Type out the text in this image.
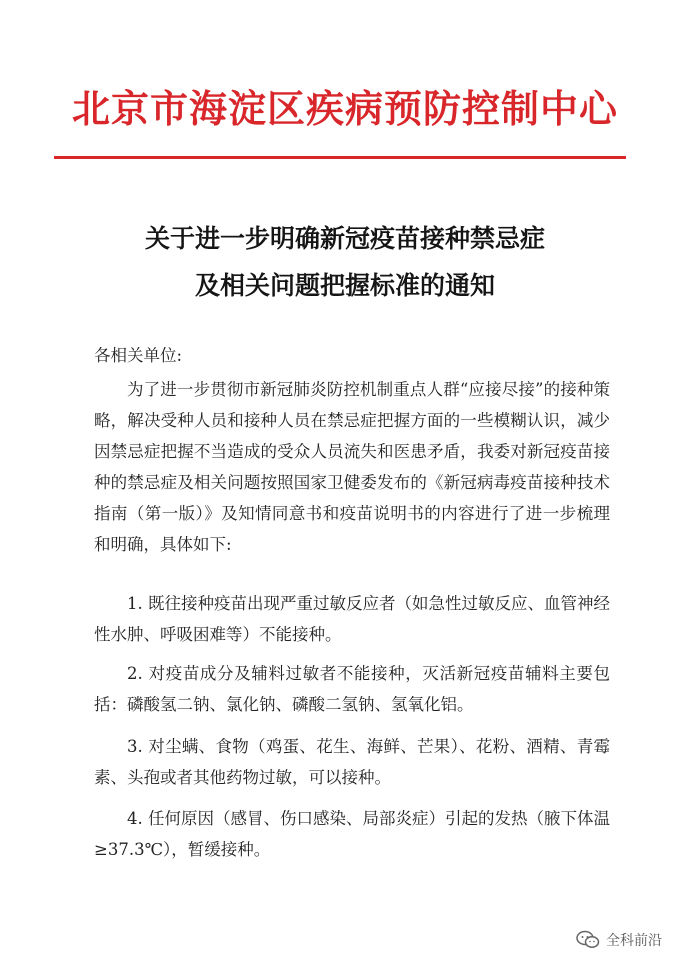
北京市海淀区疾病预防控制中心
关于进一步明确新冠疫苗接种禁忌症
及相关问题把握标准的通知
各相关单位:
为了进一步贯彻市新冠肺炎防控机制重点人群“应接尽接”的接种策略，解决受种人员和接种人员在禁忌症把握方面的一些模糊认识，减少因禁忌症把握不当造成的受众人员流失和医患矛盾，我委对新冠疫苗接种的禁忌症及相关问题按照国家卫健委发布的《新冠病毒疫苗接种技术指南（第一版）》及知情同意书和疫苗说明书的内容进行了进一步梳理和明确，具体如下:
1. 既往接种疫苗出现严重过敏反应者（如急性过敏反应、血管神经性水肿、呼吸困难等）不能接种。
2. 对疫苗成分及辅料过敏者不能接种，灭活新冠疫苗辅料主要包括：磷酸氢二钠、氯化钠、磷酸二氢钠、氢氧化铝。
3. 对尘螨、食物（鸡蛋、花生、海鲜、芒果）、花粉、酒精、青霉素、头孢或者其他药物过敏，可以接种。
4. 任何原因（感冒、伤口感染、局部炎症）引起的发热（腋下体温≥37.3℃），暂缓接种。
全科前沿
